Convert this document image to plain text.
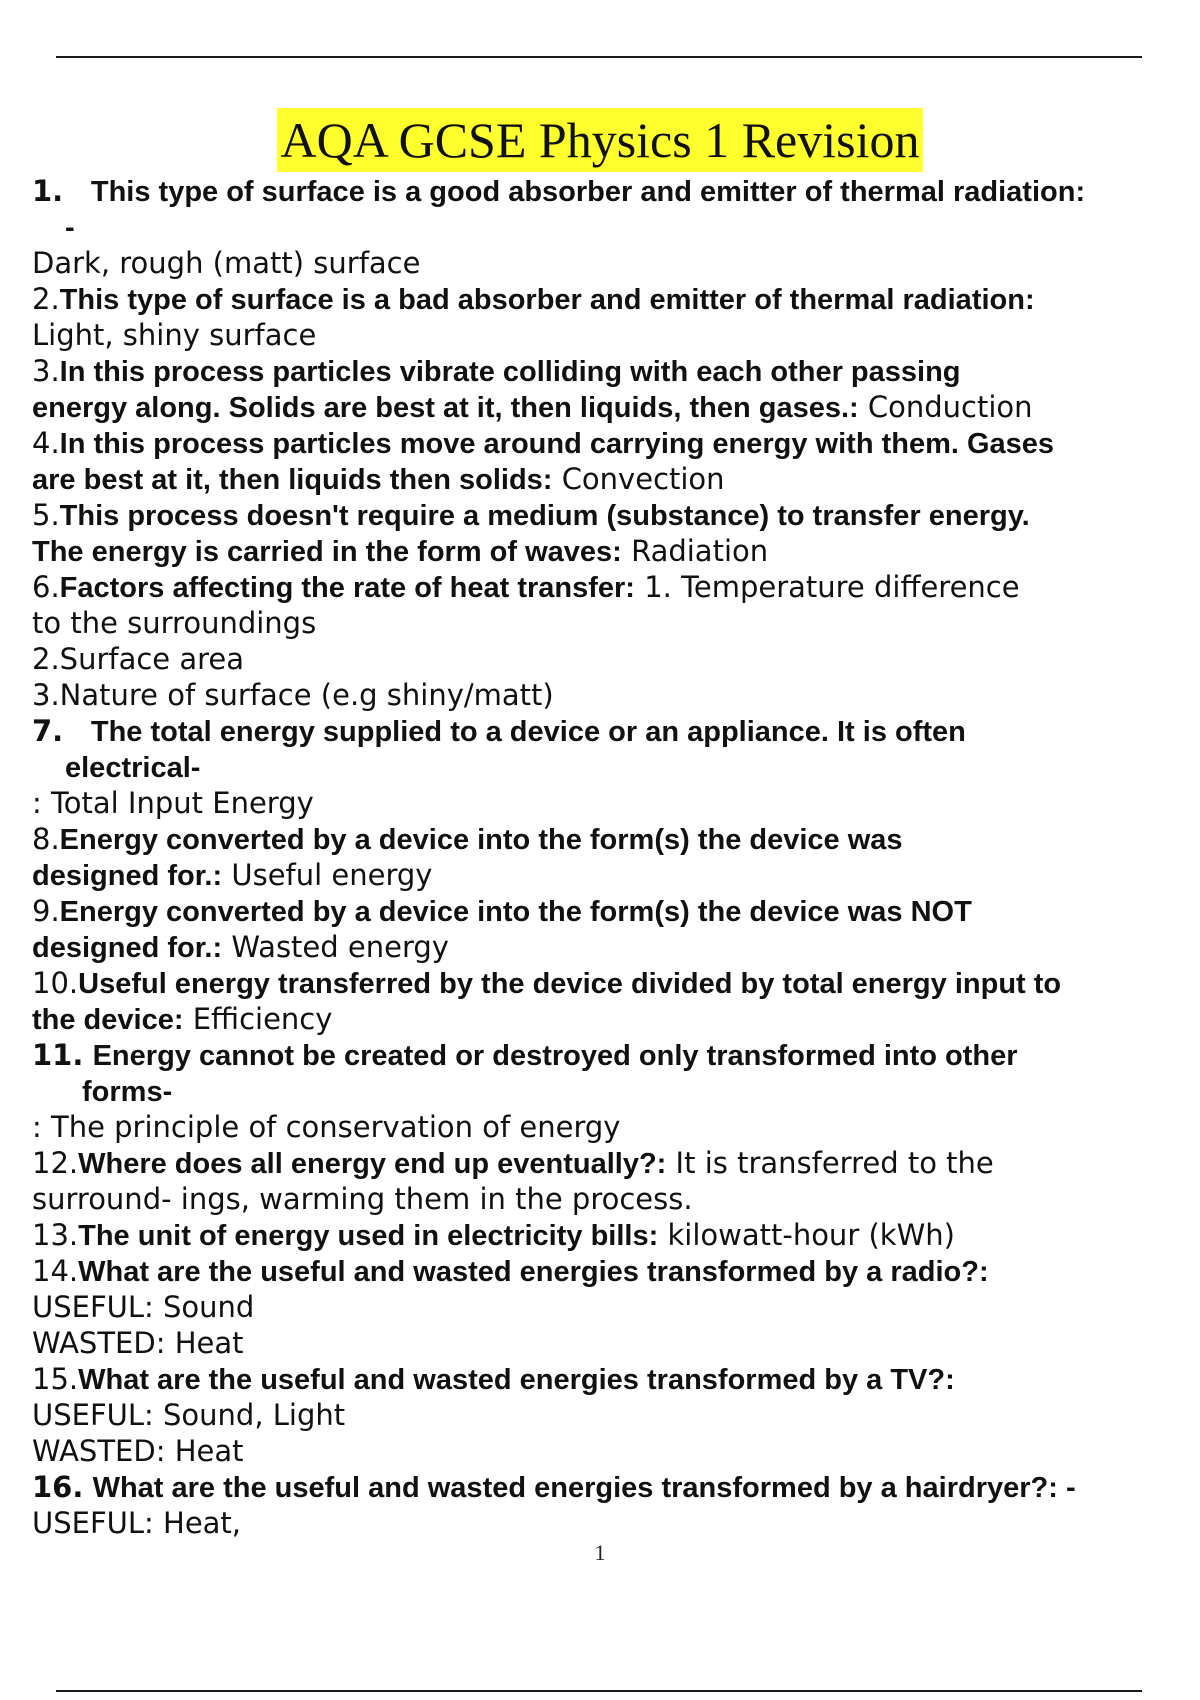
AQA GCSE Physics 1 Revision
1. This type of surface is a good absorber and emitter of thermal radiation:
-
Dark, rough (matt) surface
2.This type of surface is a bad absorber and emitter of thermal radiation:
Light, shiny surface
3.In this process particles vibrate colliding with each other passing
energy along. Solids are best at it, then liquids, then gases.: Conduction
4.In this process particles move around carrying energy with them. Gases
are best at it, then liquids then solids: Convection
5.This process doesn't require a medium (substance) to transfer energy.
The energy is carried in the form of waves: Radiation
6.Factors affecting the rate of heat transfer: 1. Temperature difference
to the surroundings
2.Surface area
3.Nature of surface (e.g shiny/matt)
7. The total energy supplied to a device or an appliance. It is often
electrical-
: Total Input Energy
8.Energy converted by a device into the form(s) the device was
designed for.: Useful energy
9.Energy converted by a device into the form(s) the device was NOT
designed for.: Wasted energy
10.Useful energy transferred by the device divided by total energy input to
the device: Efficiency
11. Energy cannot be created or destroyed only transformed into other
forms-
: The principle of conservation of energy
12.Where does all energy end up eventually?: It is transferred to the
surround- ings, warming them in the process.
13.The unit of energy used in electricity bills: kilowatt-hour (kWh)
14.What are the useful and wasted energies transformed by a radio?:
USEFUL: Sound
WASTED: Heat
15.What are the useful and wasted energies transformed by a TV?:
USEFUL: Sound, Light
WASTED: Heat
16. What are the useful and wasted energies transformed by a hairdryer?: -
USEFUL: Heat,
1
